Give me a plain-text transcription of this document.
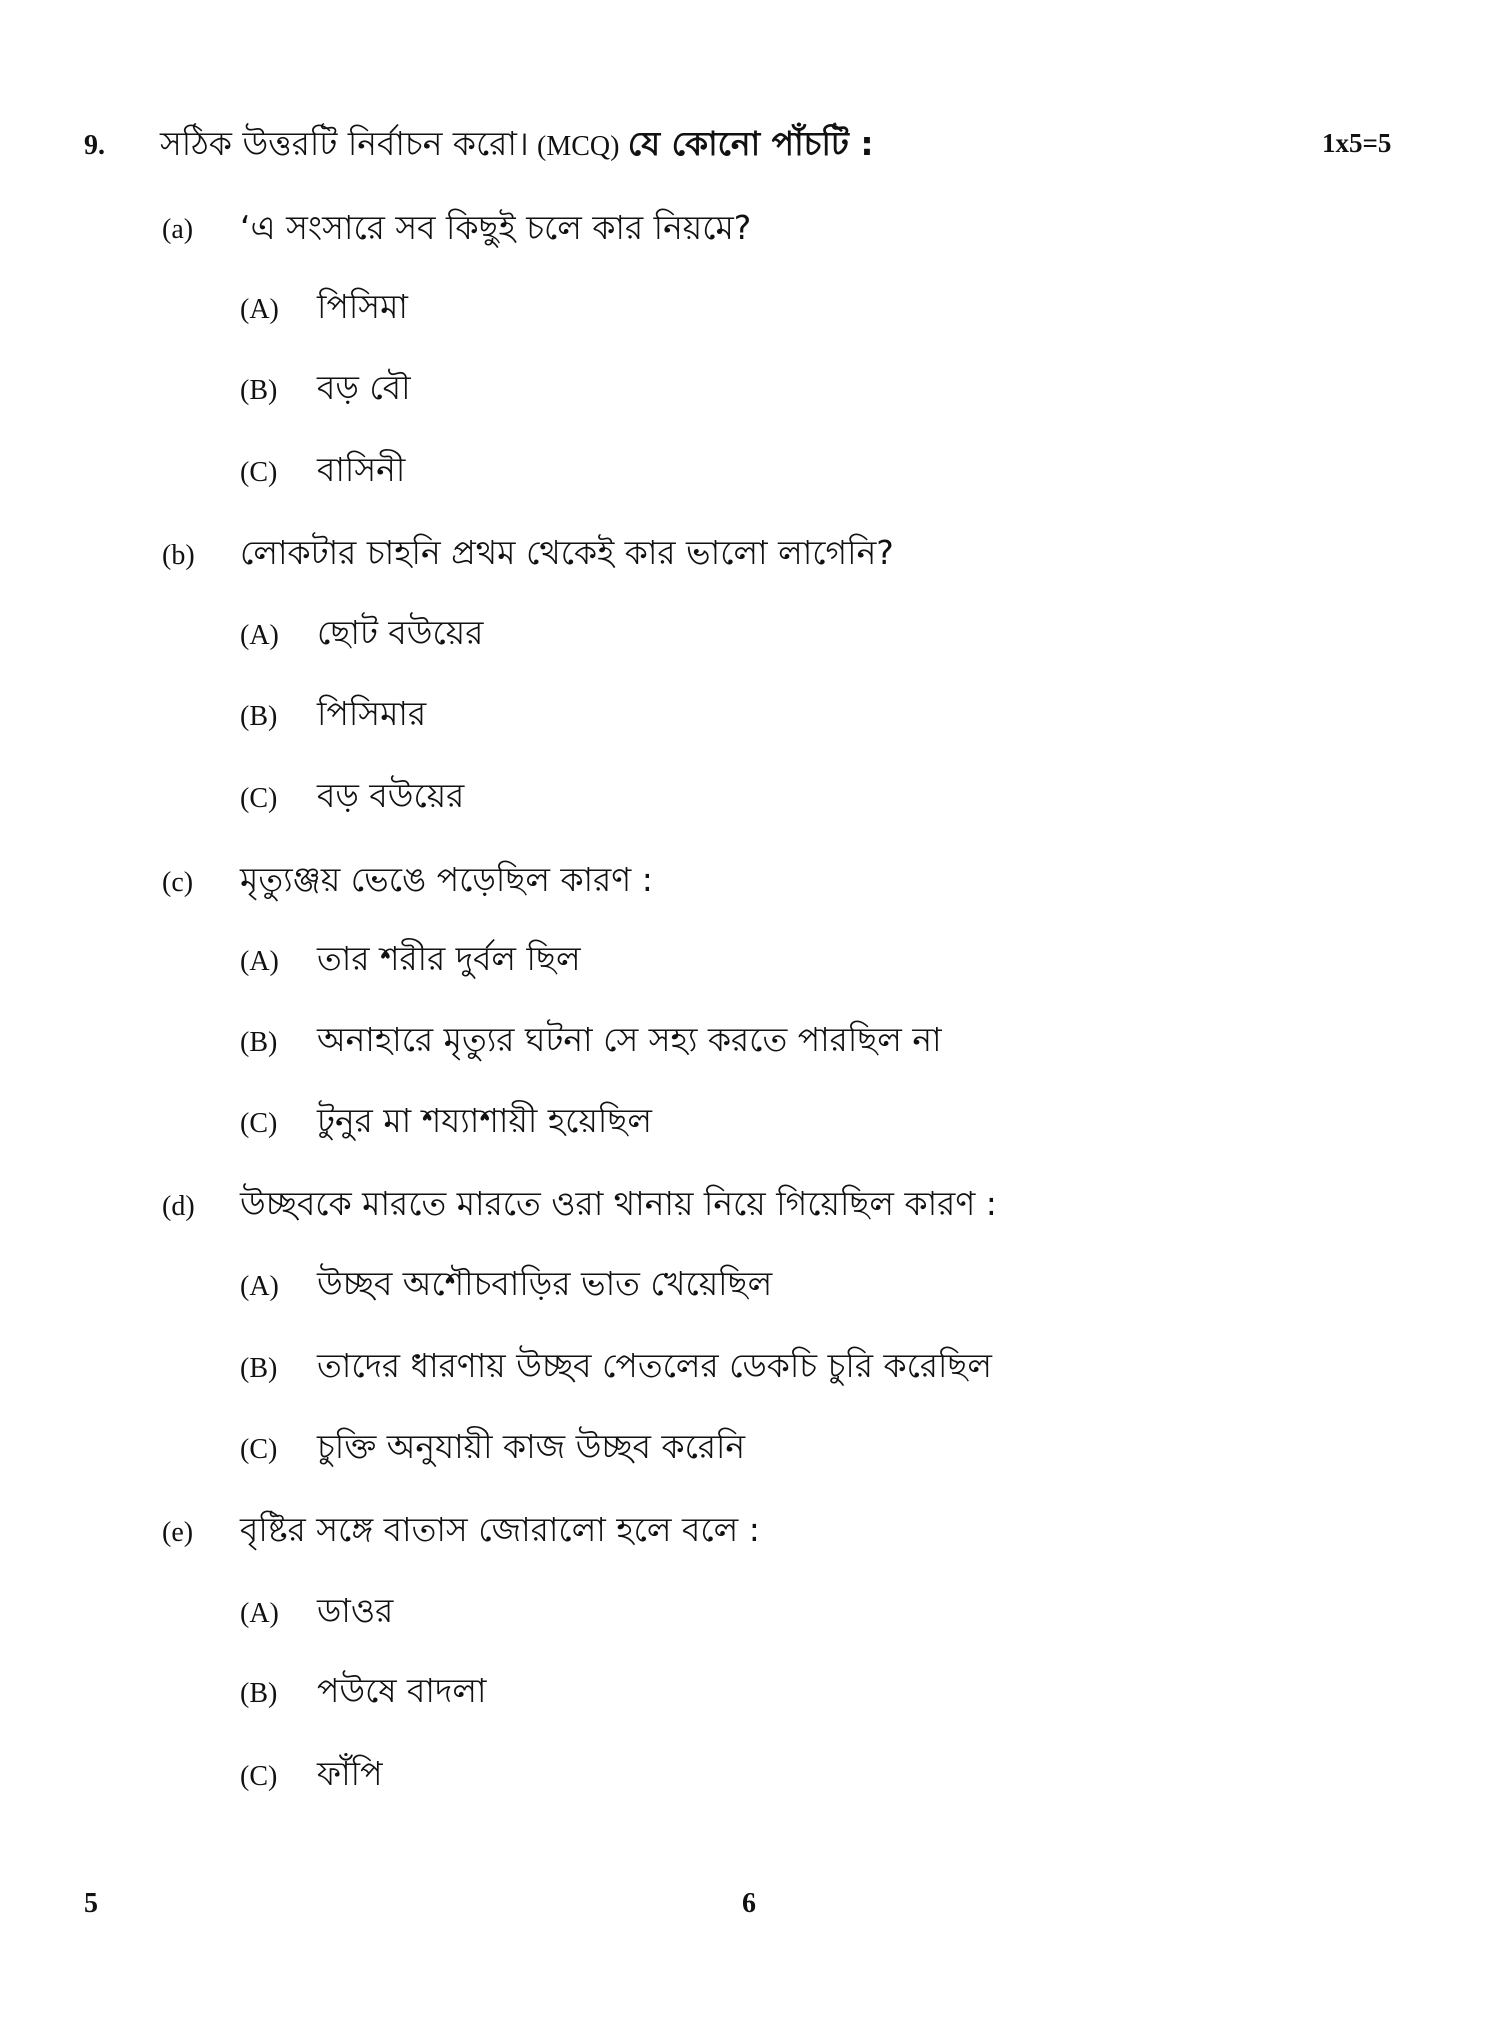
9. সঠিক উত্তরটি নির্বাচন করো। (MCQ) যে কোনো পাঁচটি :	1x5=5
(a) ‘এ সংসারে সব কিছুই চলে কার নিয়মে?
(A) পিসিমা
(B) বড় বৌ
(C) বাসিনী
(b) লোকটার চাহনি প্রথম থেকেই কার ভালো লাগেনি?
(A) ছোট বউয়ের
(B) পিসিমার
(C) বড় বউয়ের
(c) মৃত্যুঞ্জয় ভেঙে পড়েছিল কারণ :
(A) তার শরীর দুর্বল ছিল
(B) অনাহারে মৃত্যুর ঘটনা সে সহ্য করতে পারছিল না
(C) টুনুর মা শয্যাশায়ী হয়েছিল
(d) উচ্ছবকে মারতে মারতে ওরা থানায় নিয়ে গিয়েছিল কারণ :
(A) উচ্ছব অশৌচবাড়ির ভাত খেয়েছিল
(B) তাদের ধারণায় উচ্ছব পেতলের ডেকচি চুরি করেছিল
(C) চুক্তি অনুযায়ী কাজ উচ্ছব করেনি
(e) বৃষ্টির সঙ্গে বাতাস জোরালো হলে বলে :
(A) ডাওর
(B) পউষে বাদলা
(C) ফাঁপি
5	6
